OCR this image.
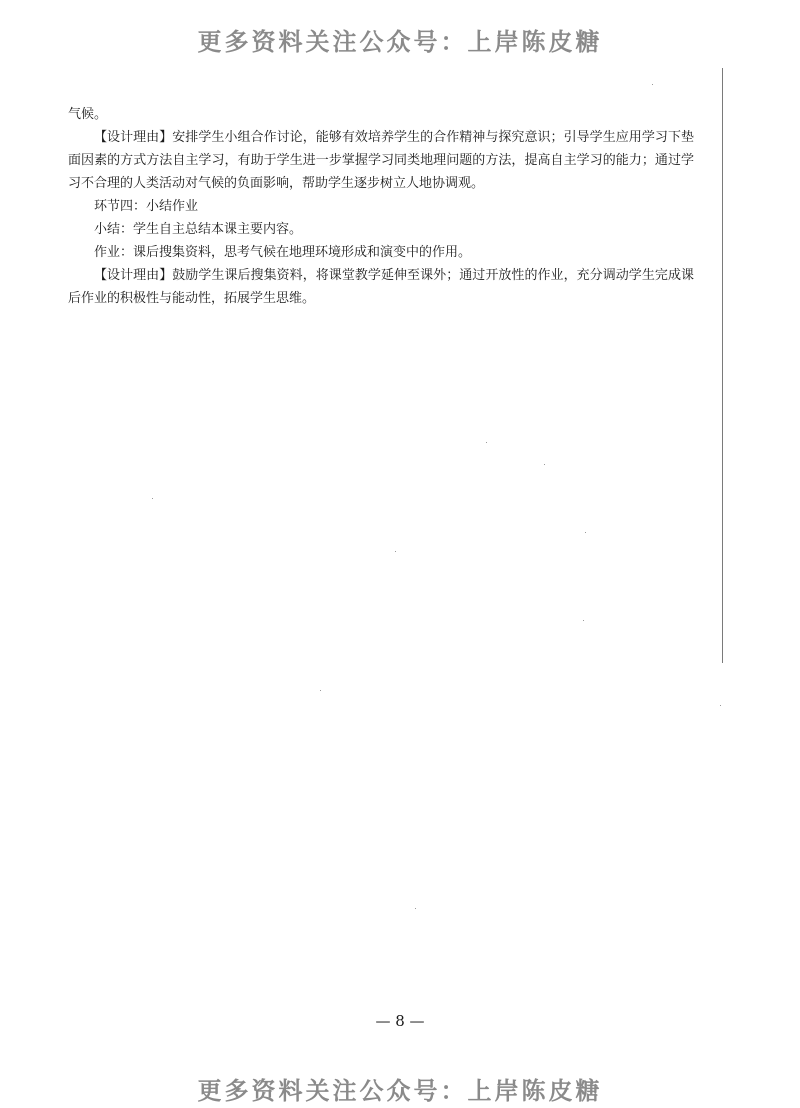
更多资料关注公众号：上岸陈皮糖

气候。

【设计理由】安排学生小组合作讨论，能够有效培养学生的合作精神与探究意识；引导学生应用学习下垫面因素的方式方法自主学习，有助于学生进一步掌握学习同类地理问题的方法，提高自主学习的能力；通过学习不合理的人类活动对气候的负面影响，帮助学生逐步树立人地协调观。

环节四：小结作业

小结：学生自主总结本课主要内容。

作业：课后搜集资料，思考气候在地理环境形成和演变中的作用。

【设计理由】鼓励学生课后搜集资料，将课堂教学延伸至课外；通过开放性的作业，充分调动学生完成课后作业的积极性与能动性，拓展学生思维。

— 8 —
更多资料关注公众号：上岸陈皮糖
